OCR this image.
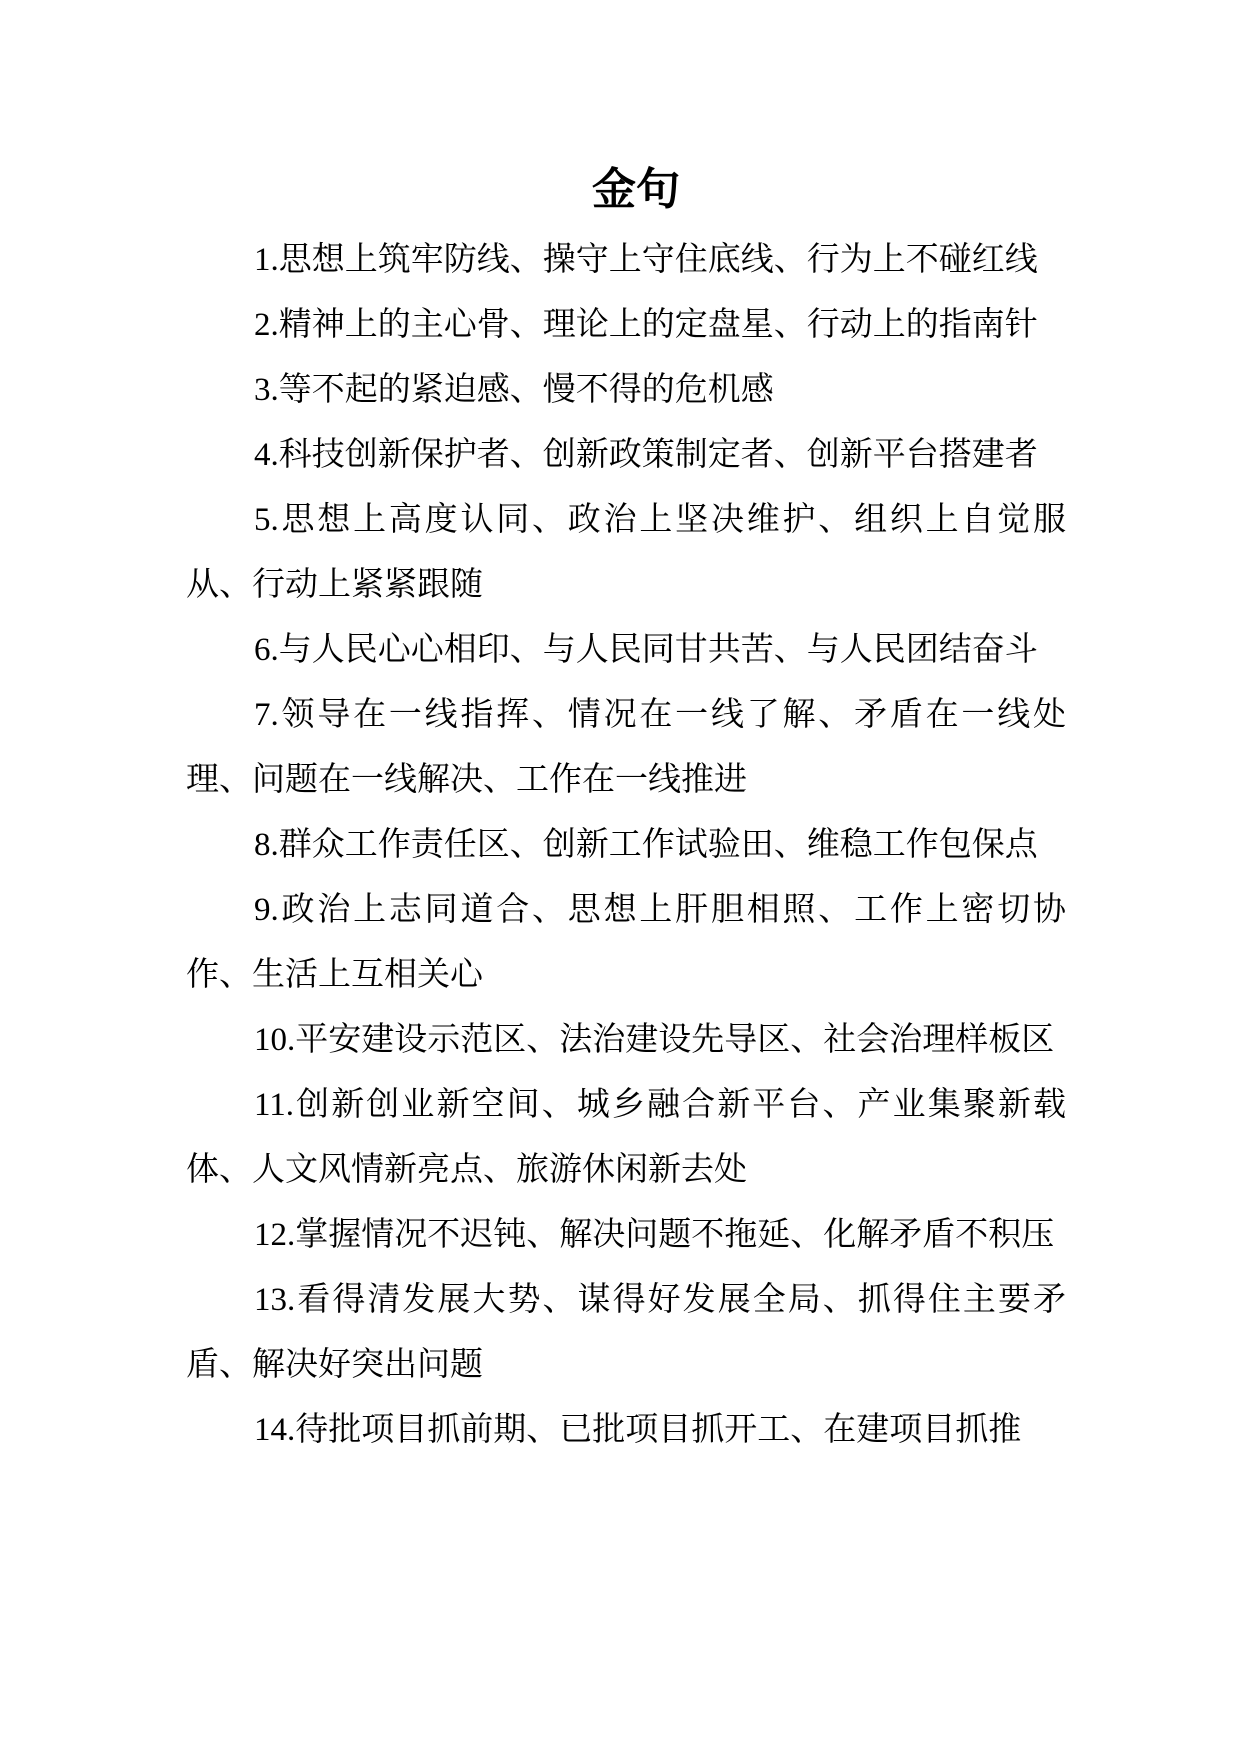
金句

1.思想上筑牢防线、操守上守住底线、行为上不碰红线

2.精神上的主心骨、理论上的定盘星、行动上的指南针

3.等不起的紧迫感、慢不得的危机感

4.科技创新保护者、创新政策制定者、创新平台搭建者

5.思想上高度认同、政治上坚决维护、组织上自觉服从、行动上紧紧跟随

6.与人民心心相印、与人民同甘共苦、与人民团结奋斗

7.领导在一线指挥、情况在一线了解、矛盾在一线处理、问题在一线解决、工作在一线推进

8.群众工作责任区、创新工作试验田、维稳工作包保点

9.政治上志同道合、思想上肝胆相照、工作上密切协作、生活上互相关心

10.平安建设示范区、法治建设先导区、社会治理样板区

11.创新创业新空间、城乡融合新平台、产业集聚新载体、人文风情新亮点、旅游休闲新去处

12.掌握情况不迟钝、解决问题不拖延、化解矛盾不积压

13.看得清发展大势、谋得好发展全局、抓得住主要矛盾、解决好突出问题

14.待批项目抓前期、已批项目抓开工、在建项目抓推
